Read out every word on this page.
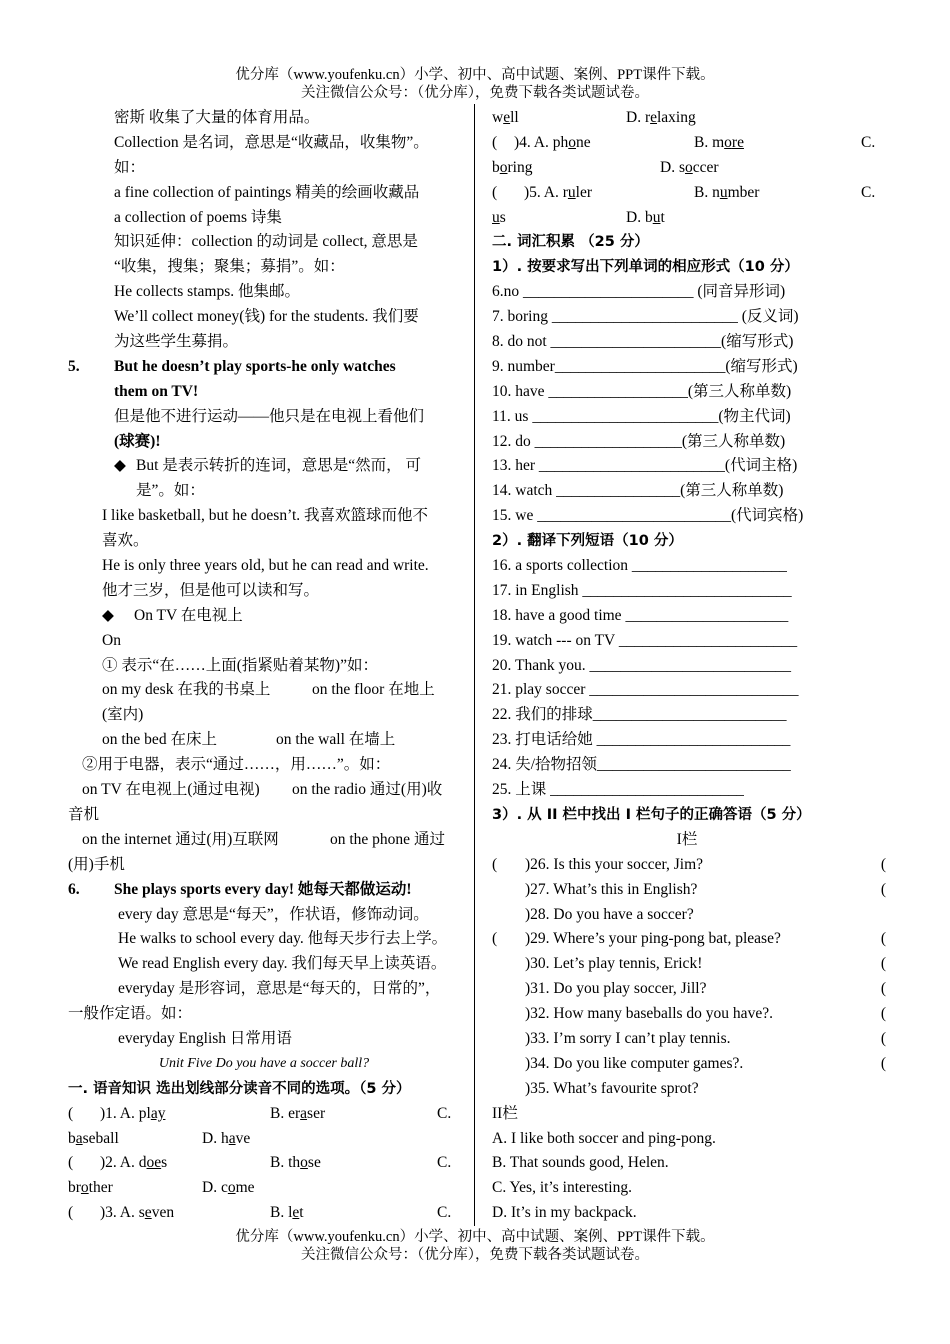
优分库（www.youfenku.cn）小学、初中、高中试题、案例、PPT课件下载。
关注微信公众号：（优分库），免费下载各类试题试卷。
密斯 收集了大量的体育用品。
Collection 是名词，意思是“收藏品，收集物”。
如：
a fine collection of paintings 精美的绘画收藏品
a collection of poems 诗集
知识延伸：collection 的动词是 collect, 意思是
“收集，搜集；聚集；募捐”。如：
He collects stamps. 他集邮。
We’ll collect money(钱) for the students. 我们要
为这些学生募捐。
5. But he doesn’t play sports-he only watches
them on TV!
但是他不进行运动——他只是在电视上看他们
(球赛)!
◆ But 是表示转折的连词，意思是“然而， 可
是”。如：
I like basketball, but he doesn’t. 我喜欢篮球而他不
喜欢。
He is only three years old, but he can read and write.
他才三岁，但是他可以读和写。
◆ On TV 在电视上
On
① 表示“在……上面(指紧贴着某物)”如：
on my desk 在我的书桌上	on the floor 在地上
(室内)
on the bed 在床上	on the wall 在墙上
②用于电器，表示“通过……，用……”。如：
on TV 在电视上(通过电视) on the radio 通过(用)收
音机
on the internet 通过(用)互联网	on the phone 通过
(用)手机
6. She plays sports every day! 她每天都做运动!
every day 意思是“每天”，作状语，修饰动词。
He walks to school every day. 他每天步行去上学。
We read English every day. 我们每天早上读英语。
everyday 是形容词，意思是“每天的，日常的”，
一般作定语。如：
everyday English 日常用语
Unit Five Do you have a soccer ball?
一. 语音知识 选出划线部分读音不同的选项。（5 分）
( )1. A. play	B. eraser	C.
baseball	D. have
( )2. A. does	B. those	C.
brother	D. come
( )3. A. seven	B. let	C.
well	D. relaxing
( )4. A. phone	B. more	C.
boring	D. soccer
( )5. A. ruler	B. number	C.
us	D. but
二. 词汇积累 （25 分）
1）. 按要求写出下列单词的相应形式（10 分）
6.no ______________________ (同音异形词)
7. boring ________________________ (反义词)
8. do not ______________________(缩写形式)
9. number______________________(缩写形式)
10. have __________________(第三人称单数)
11. us ________________________(物主代词)
12. do ___________________(第三人称单数)
13. her ________________________(代词主格)
14. watch ________________(第三人称单数)
15. we _________________________(代词宾格)
2）. 翻译下列短语（10 分）
16. a sports collection ____________________
17. in English ___________________________
18. have a good time _____________________
19. watch --- on TV _______________________
20. Thank you. __________________________
21. play soccer ___________________________
22. 我们的排球_________________________
23. 打电话给她 _________________________
24. 失/拾物招领_________________________
25. 上课 _________________________
3）. 从 II 栏中找出 I 栏句子的正确答语（5 分）
I栏
( )26. Is this your soccer, Jim?	(
)27. What’s this in English?	(
)28. Do you have a soccer?
( )29. Where’s your ping-pong bat, please?	(
)30. Let’s play tennis, Erick!	(
)31. Do you play soccer, Jill?	(
)32. How many baseballs do you have?.	(
)33. I’m sorry I can’t play tennis.	(
)34. Do you like computer games?.	(
)35. What’s favourite sprot?
II栏
A. I like both soccer and ping-pong.
B. That sounds good, Helen.
C. Yes, it’s interesting.
D. It’s in my backpack.
优分库（www.youfenku.cn）小学、初中、高中试题、案例、PPT课件下载。
关注微信公众号：（优分库），免费下载各类试题试卷。
